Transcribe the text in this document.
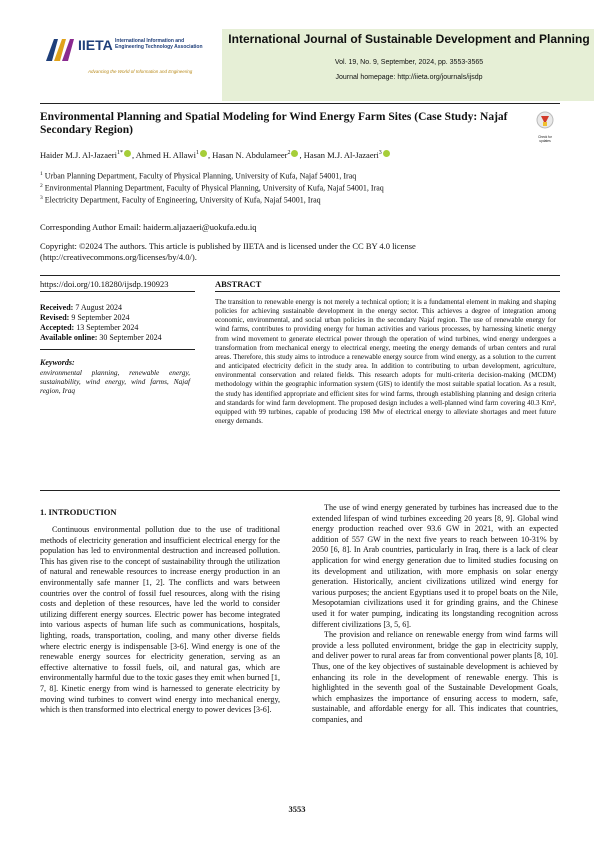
IIETA International Information and
Engineering Technology Association
Advancing the World of Information and Engineering
International Journal of Sustainable Development and Planning
Vol. 19, No. 9, September, 2024, pp. 3553-3565
Journal homepage: http://iieta.org/journals/ijsdp
Environmental Planning and Spatial Modeling for Wind Energy Farm Sites (Case Study: Najaf Secondary Region)
Check for updates
Haider M.J. Al-Jazaeri$^{1*}$ , Ahmed H. Allawi$^1$ , Hasan N. Abdulameer$^2$ , Hasan M.J. Al-Jazaeri$^3$
$^1$ Urban Planning Department, Faculty of Physical Planning, University of Kufa, Najaf 54001, Iraq
$^2$ Environmental Planning Department, Faculty of Physical Planning, University of Kufa, Najaf 54001, Iraq
$^3$ Electricity Department, Faculty of Engineering, University of Kufa, Najaf 54001, Iraq
Corresponding Author Email: haiderm.aljazaeri@uokufa.edu.iq
Copyright: ©2024 The authors. This article is published by IIETA and is licensed under the CC BY 4.0 license (http://creativecommons.org/licenses/by/4.0/).
https://doi.org/10.18280/ijsdp.190923	ABSTRACT
Received: 7 August 2024
Revised: 9 September 2024
Accepted: 13 September 2024
Available online: 30 September 2024
Keywords:
environmental planning, renewable energy, sustainability, wind energy, wind farms, Najaf region, Iraq
The transition to renewable energy is not merely a technical option; it is a fundamental element in making and shaping policies for achieving sustainable development in the energy sector. This achieves a degree of integration among economic, environmental, and social urban policies in the secondary Najaf region. The use of renewable energy for wind farms, contributes to providing energy for human activities and various processes, by harnessing kinetic energy from wind movement to generate electrical power through the operation of wind turbines, wind energy undergoes a transformation from mechanical energy to electrical energy, meeting the energy demands of urban centers and rural areas. Therefore, this study aims to introduce a renewable energy source from wind energy, as a solution to the current and anticipated electricity deficit in the study area. In addition to contributing to urban development, agriculture, environmental conservation and related fields. This research adopts for multi-criteria decision-making (MCDM) methodology within the geographic information system (GIS) to identify the most suitable spatial location. As a result, the study has identified appropriate and efficient sites for wind farms, through establishing planning and design criteria and standards for wind farm development. The proposed design includes a well-planned wind farm covering 40.3 Km², equipped with 99 turbines, capable of producing 198 Mw of electrical energy to alleviate shortages and meet future energy demands.
1. INTRODUCTION

Continuous environmental pollution due to the use of traditional methods of electricity generation and insufficient electrical energy for the population has led to environmental destruction and increased pollution. This has given rise to the concept of sustainability through the utilization of natural and renewable resources to increase energy production in an environmentally safe manner [1, 2]. The conflicts and wars between countries over the control of fossil fuel resources, along with the rising costs and depletion of these resources, have led the world to consider utilizing different energy sources. Electric power has become integrated into various aspects of human life such as communications, hospitals, lighting, roads, transportation, cooling, and many other diverse fields where electric energy is indispensable [3-6]. Wind energy is one of the renewable energy sources for electricity generation, serving as an effective alternative to fossil fuels, oil, and natural gas, which are environmentally harmful due to the toxic gases they emit when burned [1, 7, 8]. Kinetic energy from wind is harnessed to generate electricity by moving wind turbines to convert wind energy into mechanical energy, which is then transformed into electrical energy to power devices [3-6].

The use of wind energy generated by turbines has increased due to the extended lifespan of wind turbines exceeding 20 years [8, 9]. Global wind energy production reached over 93.6 GW in 2021, with an expected addition of 557 GW in the next five years to reach between 10-31% by 2050 [6, 8]. In Arab countries, particularly in Iraq, there is a lack of clear application for wind energy generation due to limited studies focusing on its development and utilization, with more emphasis on solar energy generation. Historically, ancient civilizations utilized wind energy for various purposes; the ancient Egyptians used it to propel boats on the Nile, Mesopotamian civilizations used it for grinding grains, and the Chinese used it for water pumping, indicating its longstanding recognition across different civilizations [3, 5, 6].

The provision and reliance on renewable energy from wind farms will provide a less polluted environment, bridge the gap in electricity supply, and deliver power to rural areas far from conventional power plants [8, 10]. Thus, one of the key objectives of sustainable development is achieved by enhancing its role in the development of renewable energy. This is highlighted in the seventh goal of the Sustainable Development Goals, which emphasizes the importance of ensuring access to modern, safe, sustainable, and affordable energy for all. This indicates that countries, companies, and

3553
